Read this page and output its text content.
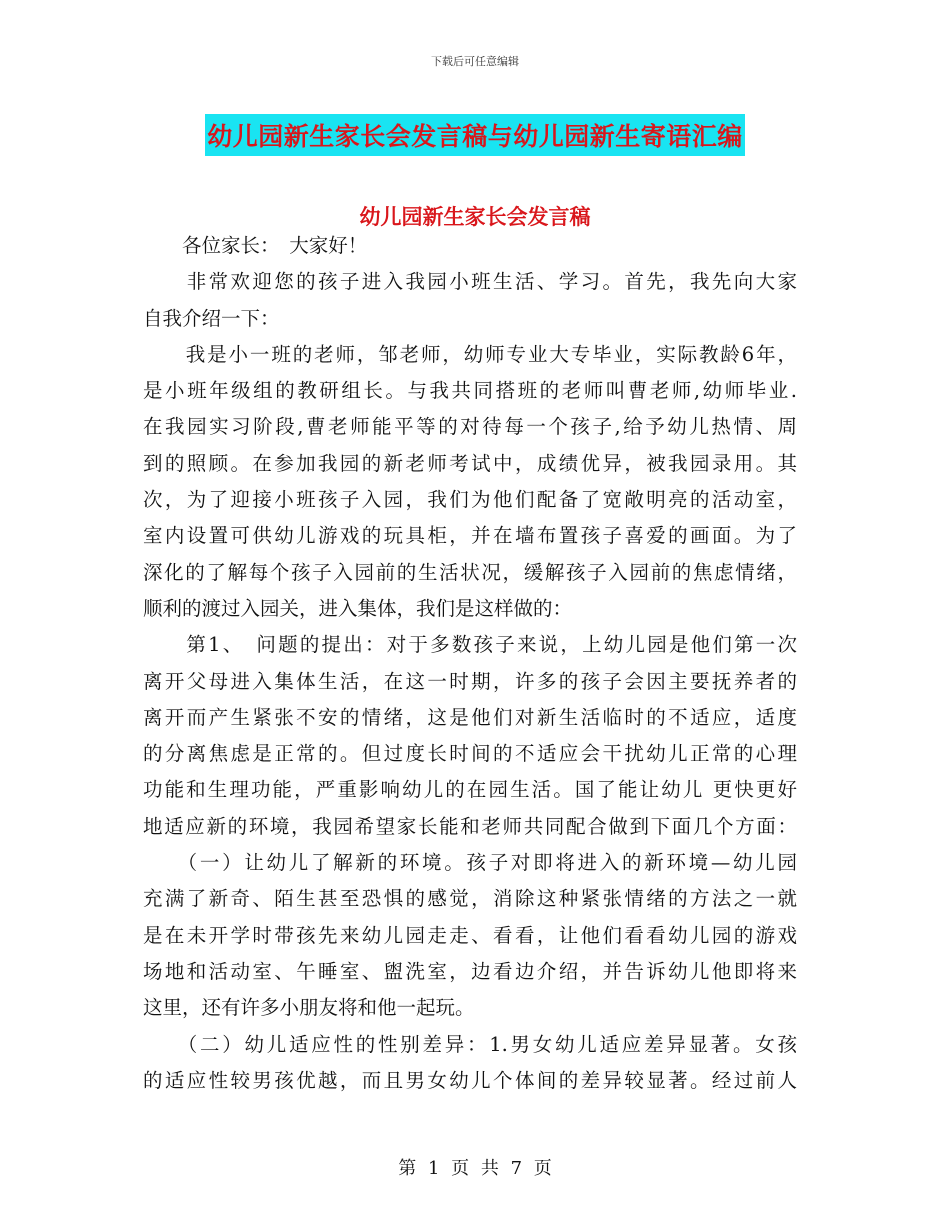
下载后可任意编辑
幼儿园新生家长会发言稿与幼儿园新生寄语汇编
幼儿园新生家长会发言稿
　　各位家长：　大家好！
　　非常欢迎您的孩子进入我园小班生活、学习。首先，我先向大家
自我介绍一下：
　　我是小一班的老师，邹老师，幼师专业大专毕业，实际教龄6年，
是小班年级组的教研组长。与我共同搭班的老师叫曹老师,幼师毕业.
在我园实习阶段,曹老师能平等的对待每一个孩子,给予幼儿热情、周
到的照顾。在参加我园的新老师考试中，成绩优异，被我园录用。其
次，为了迎接小班孩子入园，我们为他们配备了宽敞明亮的活动室，
室内设置可供幼儿游戏的玩具柜，并在墙布置孩子喜爱的画面。为了
深化的了解每个孩子入园前的生活状况，缓解孩子入园前的焦虑情绪，
顺利的渡过入园关，进入集体，我们是这样做的：
　　第1、　问题的提出：对于多数孩子来说，上幼儿园是他们第一次
离开父母进入集体生活，在这一时期，许多的孩子会因主要抚养者的
离开而产生紧张不安的情绪，这是他们对新生活临时的不适应，适度
的分离焦虑是正常的。但过度长时间的不适应会干扰幼儿正常的心理
功能和生理功能，严重影响幼儿的在园生活。国了能让幼儿 更快更好
地适应新的环境，我园希望家长能和老师共同配合做到下面几个方面：
　　（一）让幼儿了解新的环境。孩子对即将进入的新环境—幼儿园
充满了新奇、陌生甚至恐惧的感觉，消除这种紧张情绪的方法之一就
是在未开学时带孩先来幼儿园走走、看看，让他们看看幼儿园的游戏
场地和活动室、午睡室、盥洗室，边看边介绍，并告诉幼儿他即将来
这里，还有许多小朋友将和他一起玩。
　　（二）幼儿适应性的性别差异：1.男女幼儿适应差异显著。女孩
的适应性较男孩优越，而且男女幼儿个体间的差异较显著。经过前人
第 1 页 共 7 页
